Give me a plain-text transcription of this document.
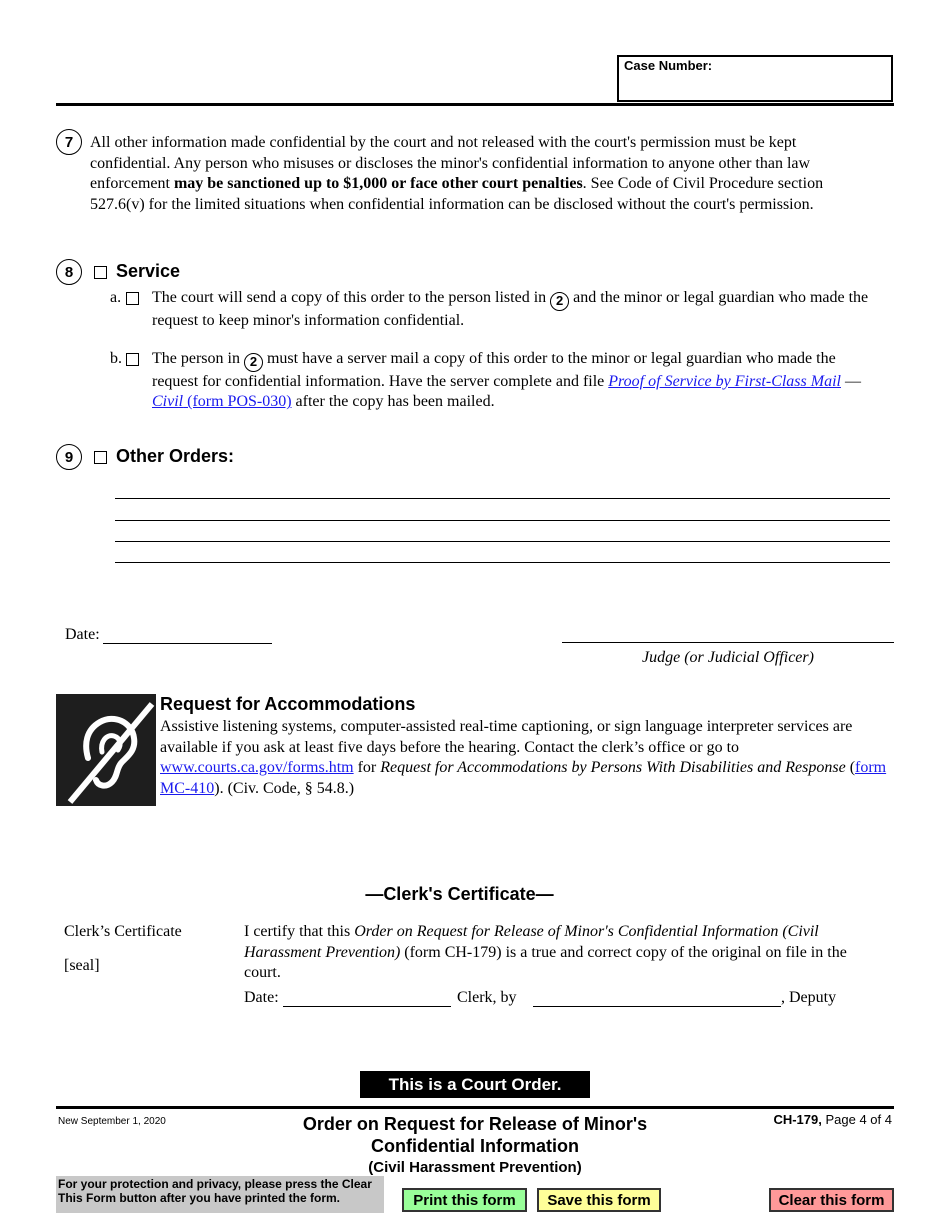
Case Number:
7	All other information made confidential by the court and not released with the court's permission must be kept confidential. Any person who misuses or discloses the minor's confidential information to anyone other than law enforcement may be sanctioned up to $1,000 or face other court penalties. See Code of Civil Procedure section 527.6(v) for the limited situations when confidential information can be disclosed without the court's permission.
8	Service
a. The court will send a copy of this order to the person listed in 2 and the minor or legal guardian who made the request to keep minor's information confidential.
b. The person in 2 must have a server mail a copy of this order to the minor or legal guardian who made the request for confidential information. Have the server complete and file Proof of Service by First-Class Mail — Civil (form POS-030) after the copy has been mailed.
9	Other Orders:
Date:
Judge (or Judicial Officer)
Request for Accommodations
Assistive listening systems, computer-assisted real-time captioning, or sign language interpreter services are available if you ask at least five days before the hearing. Contact the clerk’s office or go to www.courts.ca.gov/forms.htm for Request for Accommodations by Persons With Disabilities and Response (form MC-410). (Civ. Code, § 54.8.)
—Clerk's Certificate—
Clerk’s Certificate
[seal]
I certify that this Order on Request for Release of Minor's Confidential Information (Civil Harassment Prevention) (form CH-179) is a true and correct copy of the original on file in the court.
Date:	Clerk, by	, Deputy
This is a Court Order.
New September 1, 2020	Order on Request for Release of Minor's
Confidential Information
(Civil Harassment Prevention)
CH-179, Page 4 of 4
For your protection and privacy, please press the Clear This Form button after you have printed the form.	Print this form	Save this form	Clear this form
